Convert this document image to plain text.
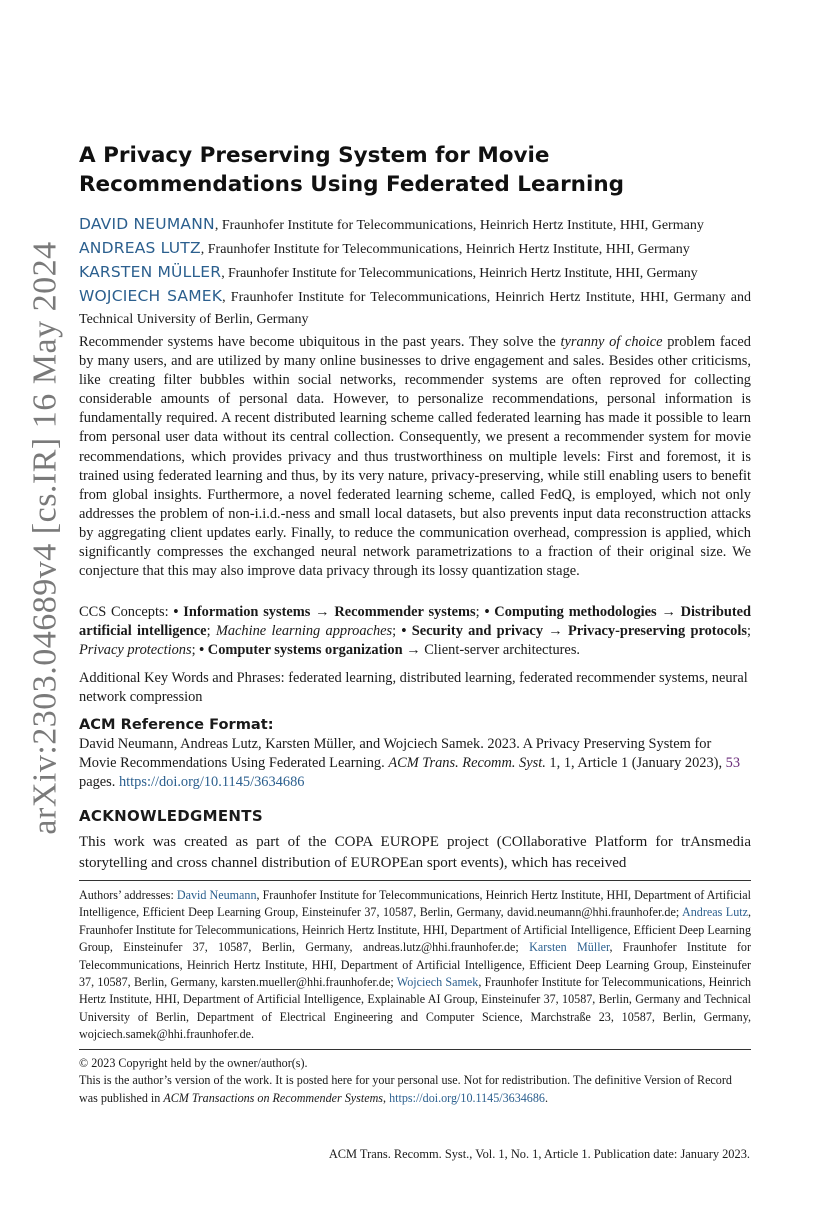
arXiv:2303.04689v4 [cs.IR] 16 May 2024
A Privacy Preserving System for Movie Recommendations Using Federated Learning
DAVID NEUMANN, Fraunhofer Institute for Telecommunications, Heinrich Hertz Institute, HHI, Germany
ANDREAS LUTZ, Fraunhofer Institute for Telecommunications, Heinrich Hertz Institute, HHI, Germany
KARSTEN MÜLLER, Fraunhofer Institute for Telecommunications, Heinrich Hertz Institute, HHI, Germany
WOJCIECH SAMEK, Fraunhofer Institute for Telecommunications, Heinrich Hertz Institute, HHI, Germany and Technical University of Berlin, Germany

Recommender systems have become ubiquitous in the past years. They solve the tyranny of choice problem faced by many users, and are utilized by many online businesses to drive engagement and sales. Besides other criticisms, like creating filter bubbles within social networks, recommender systems are often reproved for collecting considerable amounts of personal data. However, to personalize recommendations, personal information is fundamentally required. A recent distributed learning scheme called federated learning has made it possible to learn from personal user data without its central collection. Consequently, we present a recommender system for movie recommendations, which provides privacy and thus trustworthiness on multiple levels: First and foremost, it is trained using federated learning and thus, by its very nature, privacy-preserving, while still enabling users to benefit from global insights. Furthermore, a novel federated learning scheme, called FedQ, is employed, which not only addresses the problem of non-i.i.d.-ness and small local datasets, but also prevents input data reconstruction attacks by aggregating client updates early. Finally, to reduce the communication overhead, compression is applied, which significantly compresses the exchanged neural network parametrizations to a fraction of their original size. We conjecture that this may also improve data privacy through its lossy quantization stage.

CCS Concepts: • Information systems → Recommender systems; • Computing methodologies → Distributed artificial intelligence; Machine learning approaches; • Security and privacy → Privacy-preserving protocols; Privacy protections; • Computer systems organization → Client-server architectures.

Additional Key Words and Phrases: federated learning, distributed learning, federated recommender systems, neural network compression

ACM Reference Format:

David Neumann, Andreas Lutz, Karsten Müller, and Wojciech Samek. 2023. A Privacy Preserving System for Movie Recommendations Using Federated Learning. ACM Trans. Recomm. Syst. 1, 1, Article 1 (January 2023), 53 pages. https://doi.org/10.1145/3634686

ACKNOWLEDGMENTS

This work was created as part of the COPA EUROPE project (COllaborative Platform for trAnsmedia storytelling and cross channel distribution of EUROPEan sport events), which has received

Authors’ addresses: David Neumann, Fraunhofer Institute for Telecommunications, Heinrich Hertz Institute, HHI, Department of Artificial Intelligence, Efficient Deep Learning Group, Einsteinufer 37, 10587, Berlin, Germany, david.neumann@hhi.fraunhofer.de; Andreas Lutz, Fraunhofer Institute for Telecommunications, Heinrich Hertz Institute, HHI, Department of Artificial Intelligence, Efficient Deep Learning Group, Einsteinufer 37, 10587, Berlin, Germany, andreas.lutz@hhi.fraunhofer.de; Karsten Müller, Fraunhofer Institute for Telecommunications, Heinrich Hertz Institute, HHI, Department of Artificial Intelligence, Efficient Deep Learning Group, Einsteinufer 37, 10587, Berlin, Germany, karsten.mueller@hhi.fraunhofer.de; Wojciech Samek, Fraunhofer Institute for Telecommunications, Heinrich Hertz Institute, HHI, Department of Artificial Intelligence, Explainable AI Group, Einsteinufer 37, 10587, Berlin, Germany and Technical University of Berlin, Department of Electrical Engineering and Computer Science, Marchstraße 23, 10587, Berlin, Germany, wojciech.samek@hhi.fraunhofer.de.

© 2023 Copyright held by the owner/author(s).
This is the author’s version of the work. It is posted here for your personal use. Not for redistribution. The definitive Version of Record was published in ACM Transactions on Recommender Systems, https://doi.org/10.1145/3634686.

ACM Trans. Recomm. Syst., Vol. 1, No. 1, Article 1. Publication date: January 2023.
